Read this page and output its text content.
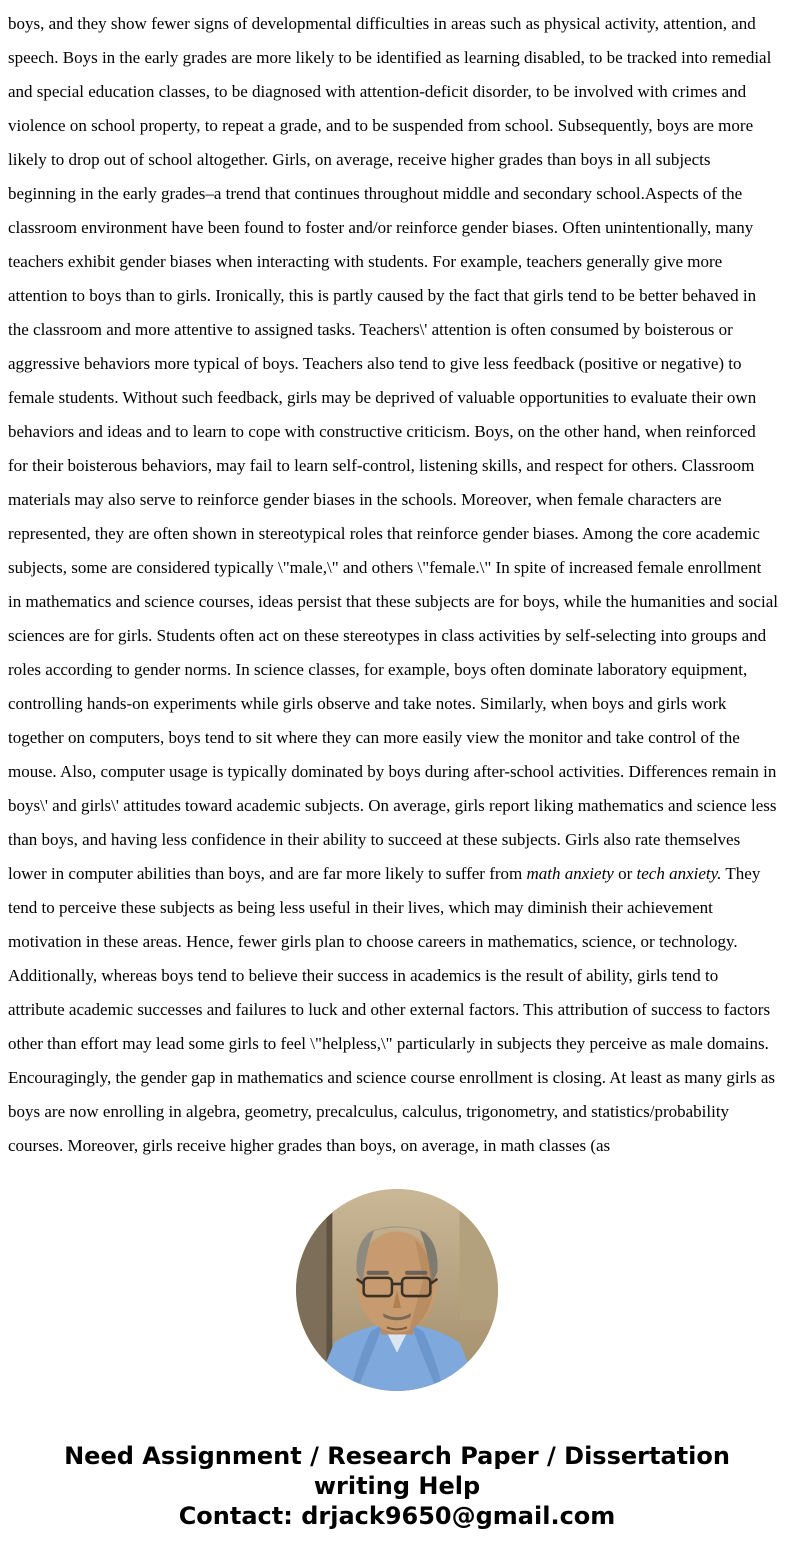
boys, and they show fewer signs of developmental difficulties in areas such as physical activity, attention, and speech. Boys in the early grades are more likely to be identified as learning disabled, to be tracked into remedial and special education classes, to be diagnosed with attention-deficit disorder, to be involved with crimes and violence on school property, to repeat a grade, and to be suspended from school. Subsequently, boys are more likely to drop out of school altogether. Girls, on average, receive higher grades than boys in all subjects beginning in the early grades–a trend that continues throughout middle and secondary school.Aspects of the classroom environment have been found to foster and/or reinforce gender biases. Often unintentionally, many teachers exhibit gender biases when interacting with students. For example, teachers generally give more attention to boys than to girls. Ironically, this is partly caused by the fact that girls tend to be better behaved in the classroom and more attentive to assigned tasks. Teachers\' attention is often consumed by boisterous or aggressive behaviors more typical of boys. Teachers also tend to give less feedback (positive or negative) to female students. Without such feedback, girls may be deprived of valuable opportunities to evaluate their own behaviors and ideas and to learn to cope with constructive criticism. Boys, on the other hand, when reinforced for their boisterous behaviors, may fail to learn self-control, listening skills, and respect for others. Classroom materials may also serve to reinforce gender biases in the schools. Moreover, when female characters are represented, they are often shown in stereotypical roles that reinforce gender biases. Among the core academic subjects, some are considered typically \"male,\" and others \"female.\" In spite of increased female enrollment in mathematics and science courses, ideas persist that these subjects are for boys, while the humanities and social sciences are for girls. Students often act on these stereotypes in class activities by self-selecting into groups and roles according to gender norms. In science classes, for example, boys often dominate laboratory equipment, controlling hands-on experiments while girls observe and take notes. Similarly, when boys and girls work together on computers, boys tend to sit where they can more easily view the monitor and take control of the mouse. Also, computer usage is typically dominated by boys during after-school activities. Differences remain in boys\' and girls\' attitudes toward academic subjects. On average, girls report liking mathematics and science less than boys, and having less confidence in their ability to succeed at these subjects. Girls also rate themselves lower in computer abilities than boys, and are far more likely to suffer from math anxiety or tech anxiety. They tend to perceive these subjects as being less useful in their lives, which may diminish their achievement motivation in these areas. Hence, fewer girls plan to choose careers in mathematics, science, or technology. Additionally, whereas boys tend to believe their success in academics is the result of ability, girls tend to attribute academic successes and failures to luck and other external factors. This attribution of success to factors other than effort may lead some girls to feel \"helpless,\" particularly in subjects they perceive as male domains. Encouragingly, the gender gap in mathematics and science course enrollment is closing. At least as many girls as boys are now enrolling in algebra, geometry, precalculus, calculus, trigonometry, and statistics/probability courses. Moreover, girls receive higher grades than boys, on average, in math classes (as

Need Assignment / Research Paper / Dissertation
writing Help
Contact: drjack9650@gmail.com
